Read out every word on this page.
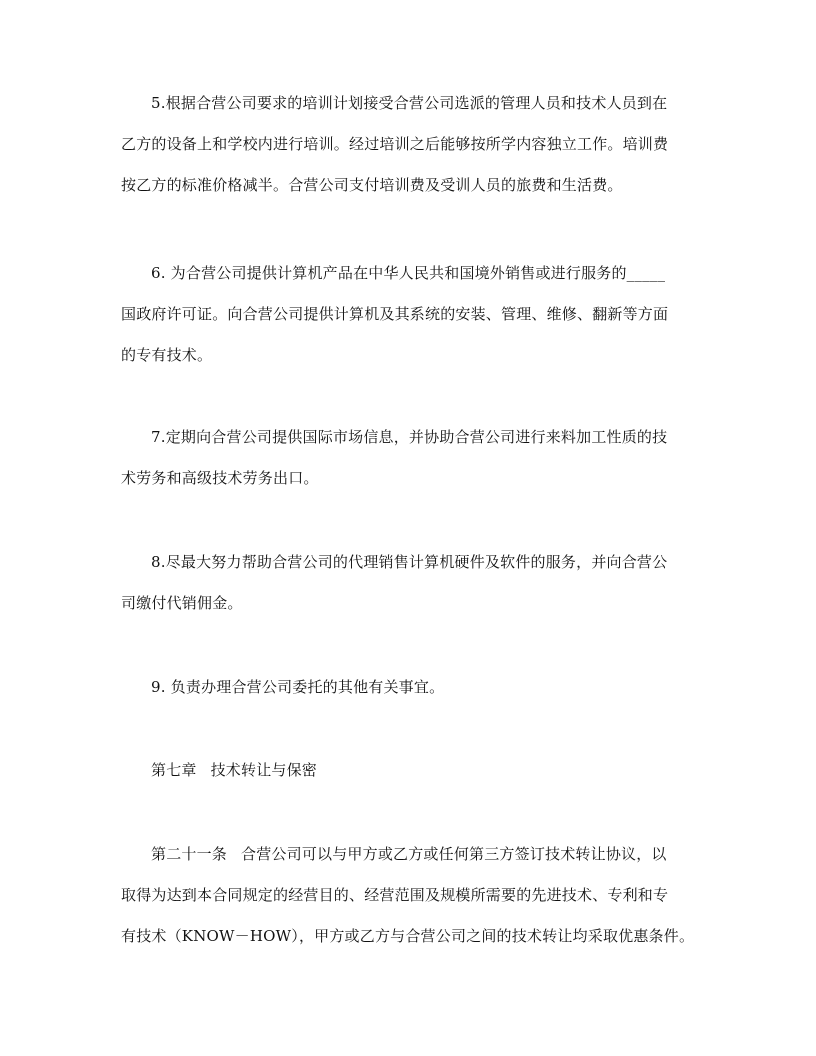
5.根据合营公司要求的培训计划接受合营公司选派的管理人员和技术人员到在
乙方的设备上和学校内进行培训。经过培训之后能够按所学内容独立工作。培训费
按乙方的标准价格减半。合营公司支付培训费及受训人员的旅费和生活费。
6. 为合营公司提供计算机产品在中华人民共和国境外销售或进行服务的_____
国政府许可证。向合营公司提供计算机及其系统的安装、管理、维修、翻新等方面
的专有技术。
7.定期向合营公司提供国际市场信息，并协助合营公司进行来料加工性质的技
术劳务和高级技术劳务出口。
8.尽最大努力帮助合营公司的代理销售计算机硬件及软件的服务，并向合营公
司缴付代销佣金。
9. 负责办理合营公司委托的其他有关事宜。
第七章 技术转让与保密
第二十一条 合营公司可以与甲方或乙方或任何第三方签订技术转让协议，以
取得为达到本合同规定的经营目的、经营范围及规模所需要的先进技术、专利和专
有技术（KNOW－HOW），甲方或乙方与合营公司之间的技术转让均采取优惠条件。
